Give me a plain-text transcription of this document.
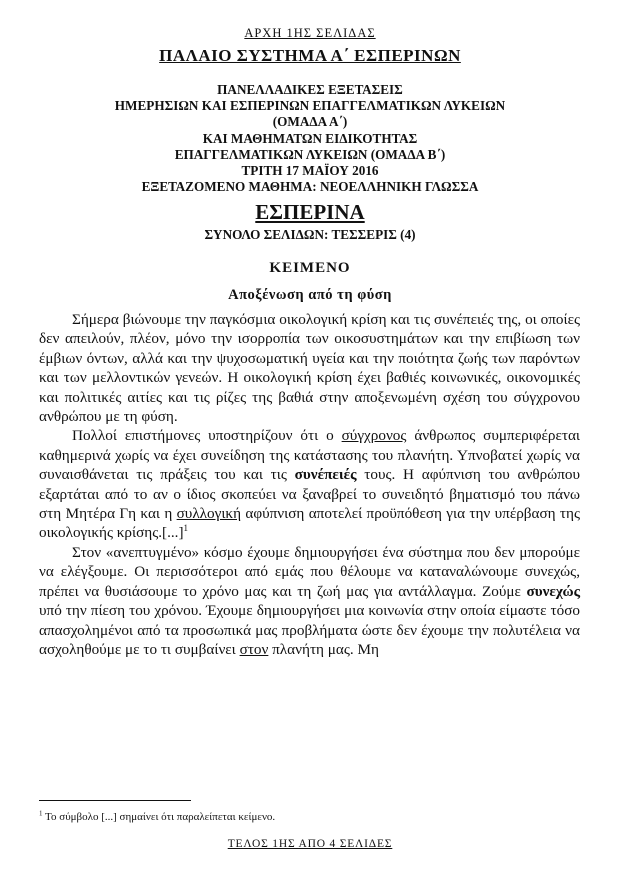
ΑΡΧΗ 1ΗΣ ΣΕΛΙΔΑΣ
ΠΑΛΑΙΟ ΣΥΣΤΗΜΑ Α΄ ΕΣΠΕΡΙΝΩΝ
ΠΑΝΕΛΛΑΔΙΚΕΣ ΕΞΕΤΑΣΕΙΣ
ΗΜΕΡΗΣΙΩΝ ΚΑΙ ΕΣΠΕΡΙΝΩΝ ΕΠΑΓΓΕΛΜΑΤΙΚΩΝ ΛΥΚΕΙΩΝ
(ΟΜΑΔΑ Α΄)
ΚΑΙ ΜΑΘΗΜΑΤΩΝ ΕΙΔΙΚΟΤΗΤΑΣ
ΕΠΑΓΓΕΛΜΑΤΙΚΩΝ ΛΥΚΕΙΩΝ (ΟΜΑΔΑ Β΄)
ΤΡΙΤΗ 17 ΜΑΪΟΥ 2016
ΕΞΕΤΑΖΟΜΕΝΟ ΜΑΘΗΜΑ: ΝΕΟΕΛΛΗΝΙΚΗ ΓΛΩΣΣΑ
ΕΣΠΕΡΙΝΑ
ΣΥΝΟΛΟ ΣΕΛΙΔΩΝ: ΤΕΣΣΕΡΙΣ (4)
ΚΕΙΜΕΝΟ
Αποξένωση από τη φύση

Σήμερα βιώνουμε την παγκόσμια οικολογική κρίση και τις συνέπειές της, οι οποίες δεν απειλούν, πλέον, μόνο την ισορροπία των οικοσυστημάτων και την επιβίωση των έμβιων όντων, αλλά και την ψυχοσωματική υγεία και την ποιότητα ζωής των παρόντων και των μελλοντικών γενεών. Η οικολογική κρίση έχει βαθιές κοινωνικές, οικονομικές και πολιτικές αιτίες και τις ρίζες της βαθιά στην αποξενωμένη σχέση του σύγχρονου ανθρώπου με τη φύση.

Πολλοί επιστήμονες υποστηρίζουν ότι ο σύγχρονος άνθρωπος συμπεριφέρεται καθημερινά χωρίς να έχει συνείδηση της κατάστασης του πλανήτη. Υπνοβατεί χωρίς να συναισθάνεται τις πράξεις του και τις συνέπειές τους. Η αφύπνιση του ανθρώπου εξαρτάται από το αν ο ίδιος σκοπεύει να ξαναβρεί το συνειδητό βηματισμό του πάνω στη Μητέρα Γη και η συλλογική αφύπνιση αποτελεί προϋπόθεση για την υπέρβαση της οικολογικής κρίσης.[...]$^1$

Στον «ανεπτυγμένο» κόσμο έχουμε δημιουργήσει ένα σύστημα που δεν μπορούμε να ελέγξουμε. Οι περισσότεροι από εμάς που θέλουμε να καταναλώνουμε συνεχώς, πρέπει να θυσιάσουμε το χρόνο μας και τη ζωή μας για αντάλλαγμα. Ζούμε συνεχώς υπό την πίεση του χρόνου. Έχουμε δημιουργήσει μια κοινωνία στην οποία είμαστε τόσο απασχολημένοι από τα προσωπικά μας προβλήματα ώστε δεν έχουμε την πολυτέλεια να ασχοληθούμε με το τι συμβαίνει στον πλανήτη μας. Μη

$^1$ Το σύμβολο [...] σημαίνει ότι παραλείπεται κείμενο.
ΤΕΛΟΣ 1ΗΣ ΑΠΟ 4 ΣΕΛΙΔΕΣ
